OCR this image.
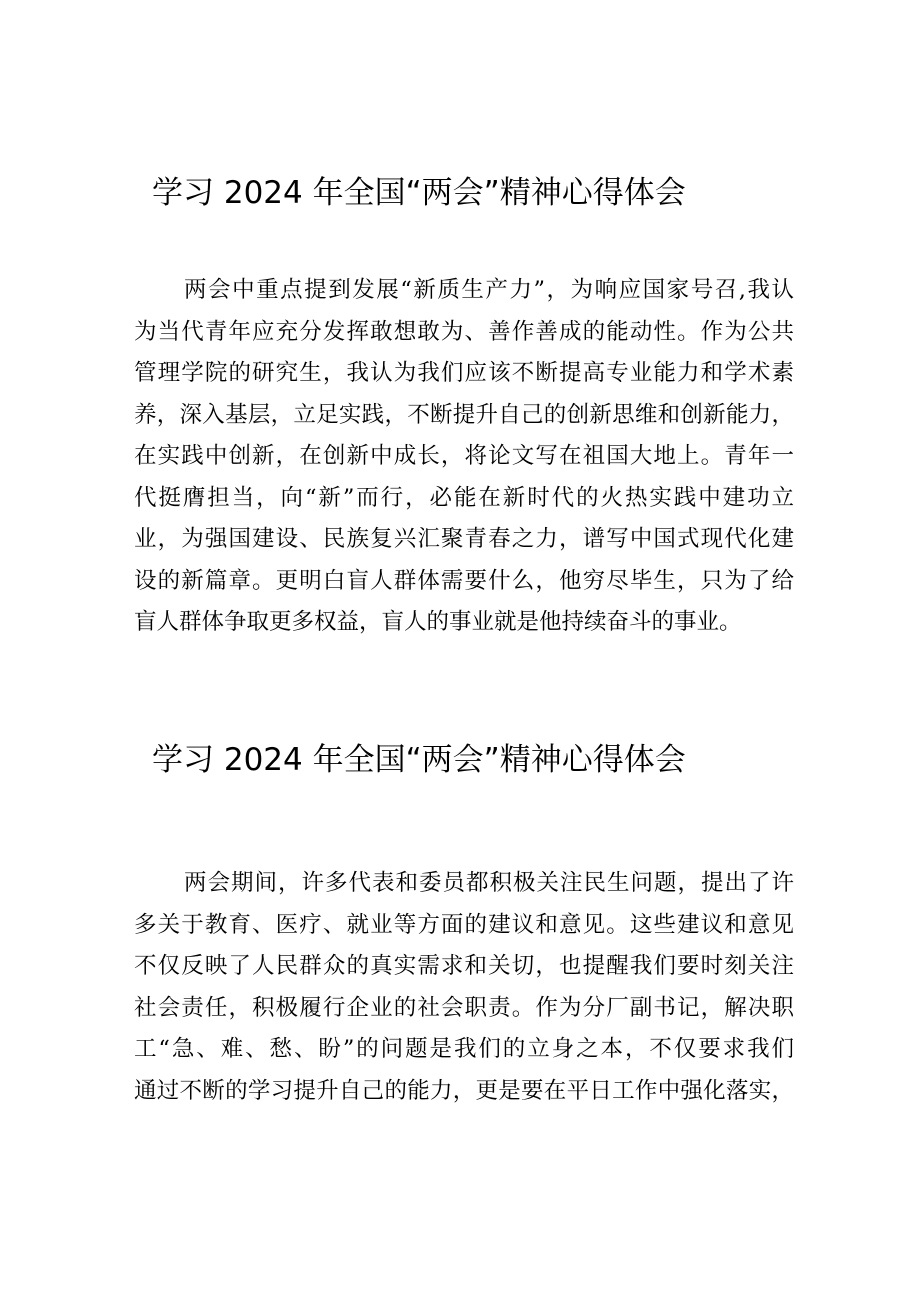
学习 2024 年全国“两会”精神心得体会
两会中重点提到发展“新质生产力”，为响应国家号召,我认
为当代青年应充分发挥敢想敢为、善作善成的能动性。作为公共
管理学院的研究生，我认为我们应该不断提高专业能力和学术素
养，深入基层，立足实践，不断提升自己的创新思维和创新能力，
在实践中创新，在创新中成长，将论文写在祖国大地上。青年一
代挺膺担当，向“新”而行，必能在新时代的火热实践中建功立
业，为强国建设、民族复兴汇聚青春之力，谱写中国式现代化建
设的新篇章。更明白盲人群体需要什么，他穷尽毕生，只为了给
盲人群体争取更多权益，盲人的事业就是他持续奋斗的事业。
学习 2024 年全国“两会”精神心得体会
两会期间，许多代表和委员都积极关注民生问题，提出了许
多关于教育、医疗、就业等方面的建议和意见。这些建议和意见
不仅反映了人民群众的真实需求和关切，也提醒我们要时刻关注
社会责任，积极履行企业的社会职责。作为分厂副书记，解决职
工“急、难、愁、盼”的问题是我们的立身之本，不仅要求我们
通过不断的学习提升自己的能力，更是要在平日工作中强化落实，
